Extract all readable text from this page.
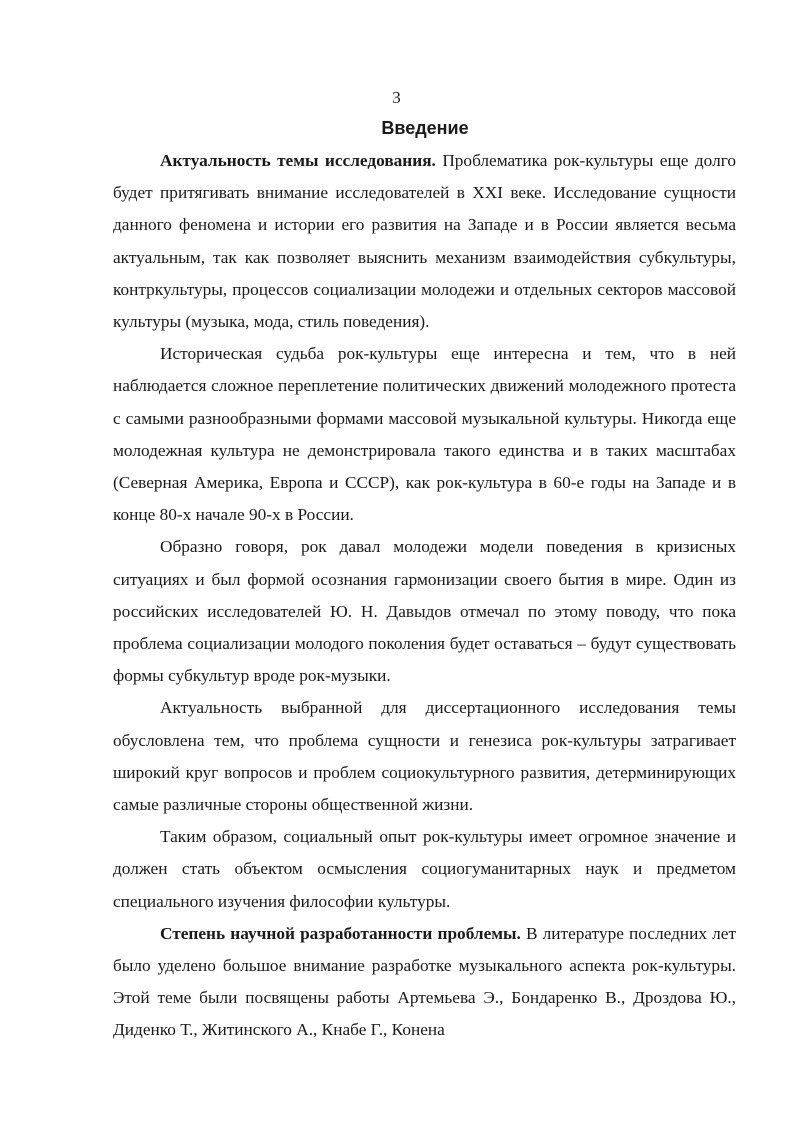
3
Введение

Актуальность темы исследования. Проблематика рок-культуры еще долго будет притягивать внимание исследователей в XXI веке. Исследование сущности данного феномена и истории его развития на Западе и в России является весьма актуальным, так как позволяет выяснить механизм взаимодействия субкультуры, контркультуры, процессов социализации молодежи и отдельных секторов массовой культуры (музыка, мода, стиль поведения).

Историческая судьба рок-культуры еще интересна и тем, что в ней наблюдается сложное переплетение политических движений молодежного протеста с самыми разнообразными формами массовой музыкальной культуры. Никогда еще молодежная культура не демонстрировала такого единства и в таких масштабах (Северная Америка, Европа и СССР), как рок-культура в 60-е годы на Западе и в конце 80-х начале 90-х в России.

Образно говоря, рок давал молодежи модели поведения в кризисных ситуациях и был формой осознания гармонизации своего бытия в мире. Один из российских исследователей Ю. Н. Давыдов отмечал по этому поводу, что пока проблема социализации молодого поколения будет оставаться – будут существовать формы субкультур вроде рок-музыки.

Актуальность выбранной для диссертационного исследования темы обусловлена тем, что проблема сущности и генезиса рок-культуры затрагивает широкий круг вопросов и проблем социокультурного развития, детерминирующих самые различные стороны общественной жизни.

Таким образом, социальный опыт рок-культуры имеет огромное значение и должен стать объектом осмысления социогуманитарных наук и предметом специального изучения философии культуры.

Степень научной разработанности проблемы. В литературе последних лет было уделено большое внимание разработке музыкального аспекта рок-культуры. Этой теме были посвящены работы Артемьева Э., Бондаренко В., Дроздова Ю., Диденко Т., Житинского А., Кнабе Г., Конена
